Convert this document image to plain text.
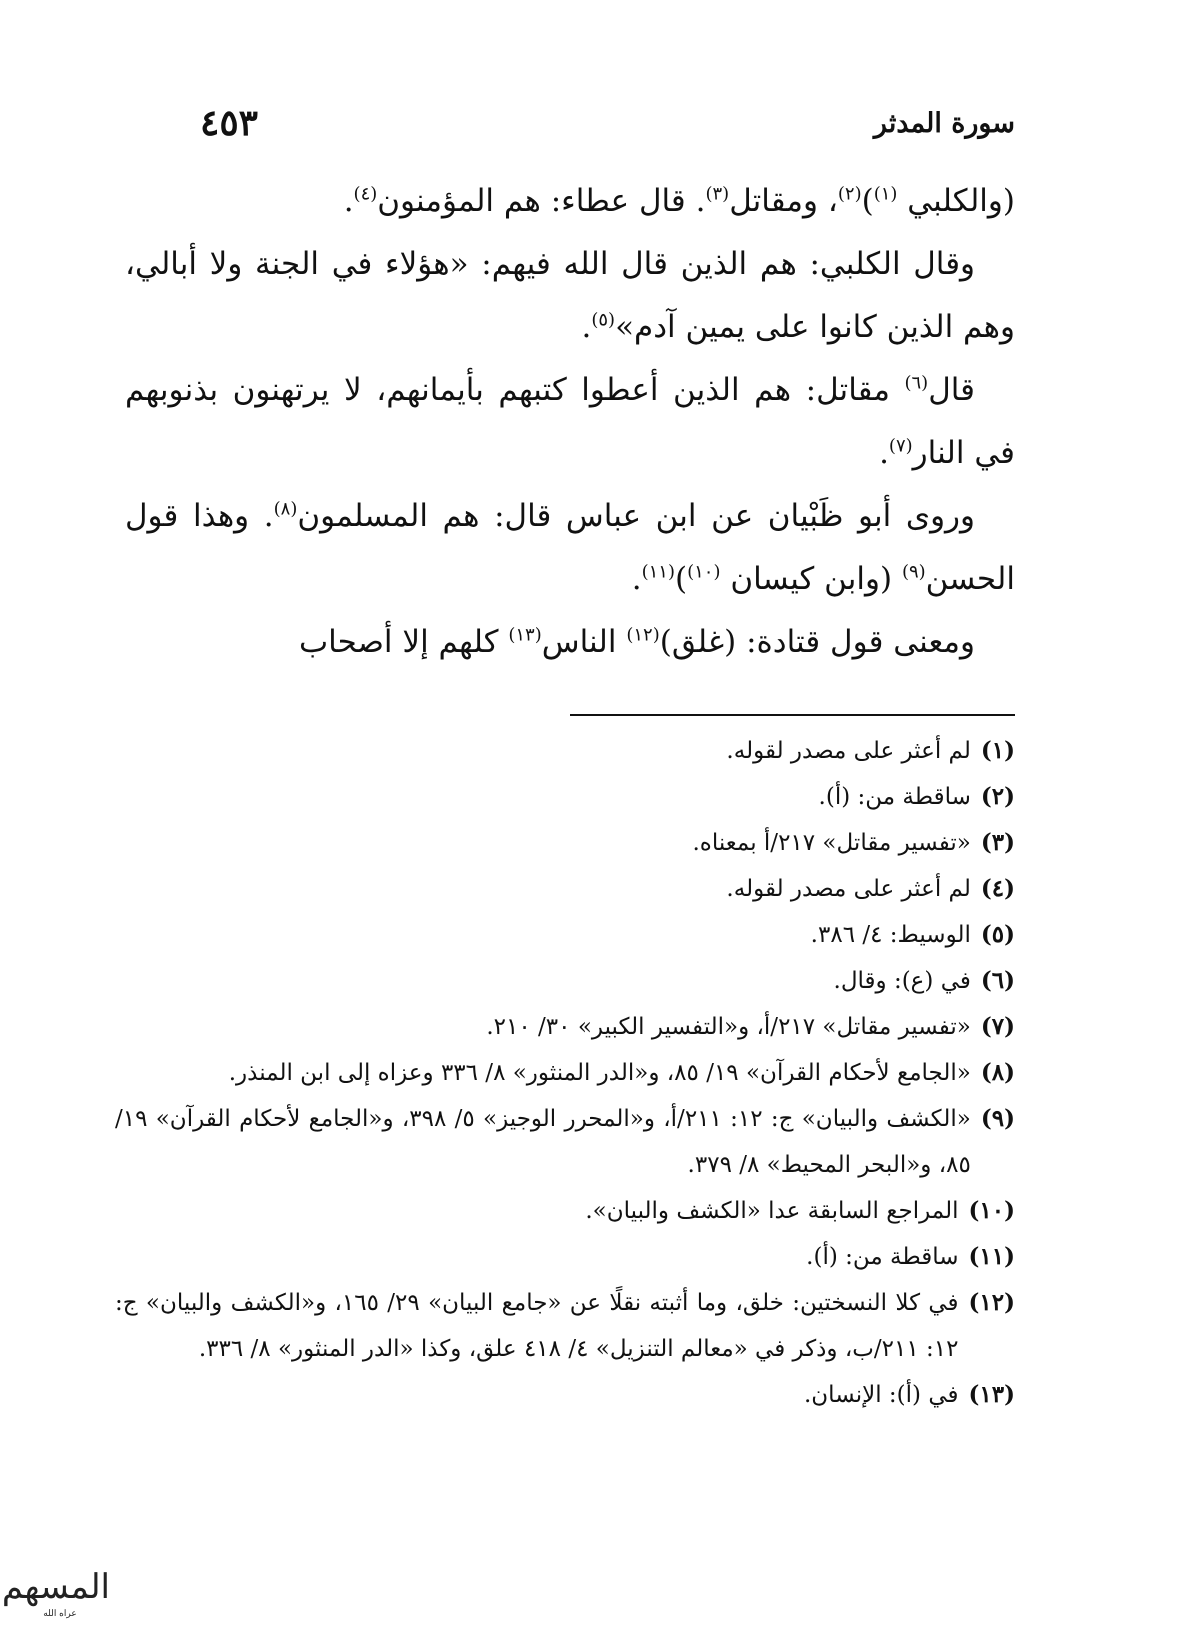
سورة المدثر
٤٥٣

(والكلبي $^{(١)}$)$^{(٢)}$، ومقاتل$^{(٣)}$. قال عطاء: هم المؤمنون$^{(٤)}$.

وقال الكلبي: هم الذين قال الله فيهم: «هؤلاء في الجنة ولا أبالي، وهم الذين كانوا على يمين آدم»$^{(٥)}$.

قال$^{(٦)}$ مقاتل: هم الذين أعطوا كتبهم بأيمانهم، لا يرتهنون بذنوبهم في النار$^{(٧)}$.

وروى أبو ظَبْيان عن ابن عباس قال: هم المسلمون$^{(٨)}$. وهذا قول الحسن$^{(٩)}$ (وابن كيسان $^{(١٠)}$)$^{(١١)}$.

ومعنى قول قتادة: (غلق)$^{(١٢)}$ الناس$^{(١٣)}$ كلهم إلا أصحاب

(١)
لم أعثر على مصدر لقوله.
(٢)
ساقطة من: (أ).
(٣)
«تفسير مقاتل» ٢١٧/أ بمعناه.
(٤)
لم أعثر على مصدر لقوله.
(٥)
الوسيط: ٤/ ٣٨٦.
(٦)
في (ع): وقال.
(٧)
«تفسير مقاتل» ٢١٧/أ، و«التفسير الكبير» ٣٠/ ٢١٠.
(٨)
«الجامع لأحكام القرآن» ١٩/ ٨٥، و«الدر المنثور» ٨/ ٣٣٦ وعزاه إلى ابن المنذر.
(٩)
«الكشف والبيان» ج: ١٢: ٢١١/أ، و«المحرر الوجيز» ٥/ ٣٩٨، و«الجامع لأحكام القرآن» ١٩/ ٨٥، و«البحر المحيط» ٨/ ٣٧٩.
(١٠)
المراجع السابقة عدا «الكشف والبيان».
(١١)
ساقطة من: (أ).
(١٢)
في كلا النسختين: خلق، وما أثبته نقلًا عن «جامع البيان» ٢٩/ ١٦٥، و«الكشف والبيان» ج: ١٢: ٢١١/ب، وذكر في «معالم التنزيل» ٤/ ٤١٨ علق، وكذا «الدر المنثور» ٨/ ٣٣٦.
(١٣)
في (أ): الإنسان.
المسهم
عراه الله
